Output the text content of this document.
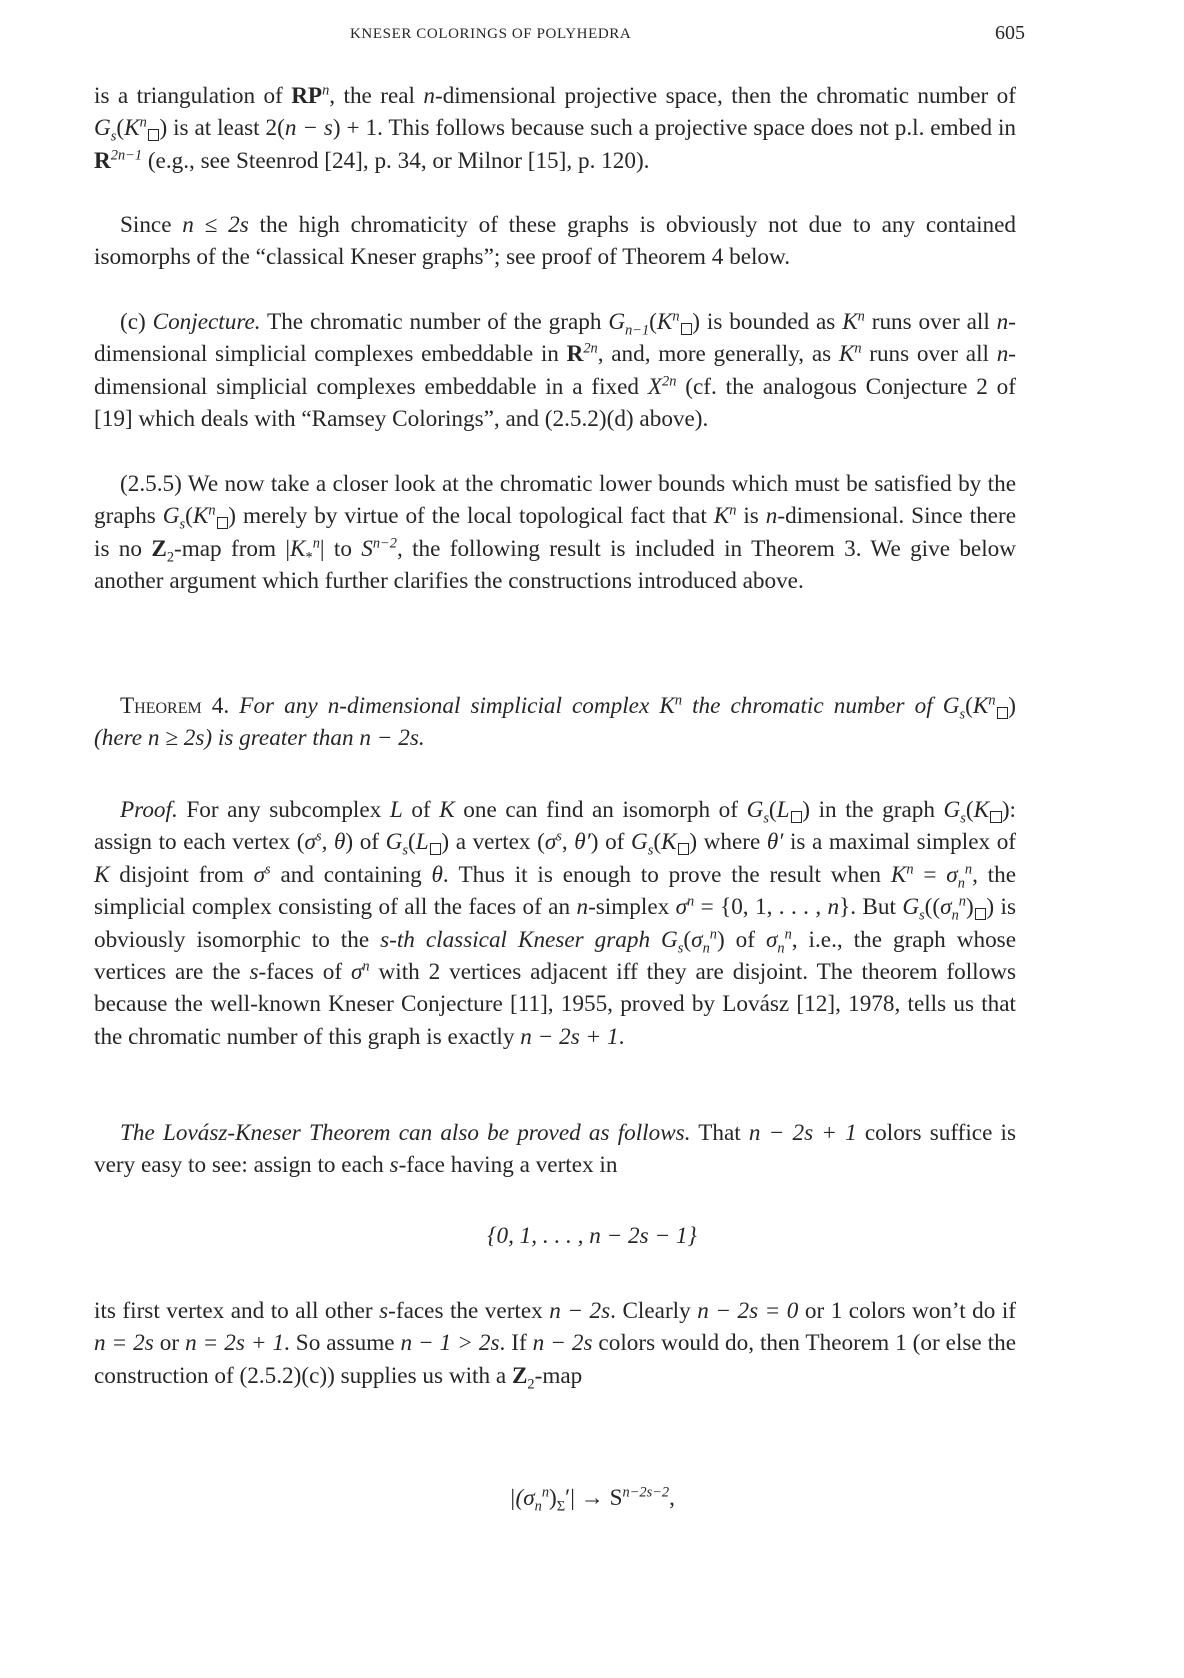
KNESER COLORINGS OF POLYHEDRA	605

is a triangulation of $RP^n$, the real n-dimensional projective space, then the chromatic number of $G_s(K^n$ ) is at least 2(n − s) + 1. This follows because such a projective space does not p.l. embed in $R^{2n-1}$ (e.g., see Steenrod [24], p. 34, or Milnor [15], p. 120).

Since n ≤ 2s the high chromaticity of these graphs is obviously not due to any contained isomorphs of the “classical Kneser graphs”; see proof of Theorem 4 below.

(c) Conjecture. The chromatic number of the graph $G_{n-1}(K^n$ ) is bounded as $K^n$ runs over all n-dimensional simplicial complexes embeddable in $R^{2n}$, and, more generally, as $K^n$ runs over all n-dimensional simplicial complexes embeddable in a fixed $X^{2n}$ (cf. the analogous Conjecture 2 of [19] which deals with “Ramsey Colorings”, and (2.5.2)(d) above).

(2.5.5) We now take a closer look at the chromatic lower bounds which must be satisfied by the graphs $G_s(K^n$ ) merely by virtue of the local topological fact that $K^n$ is n-dimensional. Since there is no $Z_2$-map from $|K_*^n|$ to $S^{n-2}$, the following result is included in Theorem 3. We give below another argument which further clarifies the constructions introduced above.

Theorem 4. For any n-dimensional simplicial complex $K^n$ the chromatic number of $G_s(K^n$ ) (here n ≥ 2s) is greater than n − 2s.

Proof. For any subcomplex L of K one can find an isomorph of $G_s(L$ ) in the graph $G_s(K$ ): assign to each vertex ($\sigma^s$, θ) of $G_s(L$ ) a vertex ($\sigma^s$, θ′) of $G_s(K$ ) where θ′ is a maximal simplex of K disjoint from $\sigma^s$ and containing θ. Thus it is enough to prove the result when $K^n = \sigma_n^n$, the simplicial complex consisting of all the faces of an n-simplex $\sigma^n = \{0$, 1, . . . , n}. But $G_s((\sigma_n^n)$ ) is obviously isomorphic to the s-th classical Kneser graph $G_s(\sigma_n^n)$ of $\sigma_n^n$, i.e., the graph whose vertices are the s-faces of $\sigma^n$ with 2 vertices adjacent iff they are disjoint. The theorem follows because the well-known Kneser Conjecture [11], 1955, proved by Lovász [12], 1978, tells us that the chromatic number of this graph is exactly n − 2s + 1.

The Lovász-Kneser Theorem can also be proved as follows. That n − 2s + 1 colors suffice is very easy to see: assign to each s-face having a vertex in

{0, 1, . . . , n − 2s − 1}

its first vertex and to all other s-faces the vertex n − 2s. Clearly n − 2s = 0 or 1 colors won’t do if n = 2s or n = 2s + 1. So assume n − 1 > 2s. If n − 2s colors would do, then Theorem 1 (or else the construction of (2.5.2)(c)) supplies us with a $Z_2$-map

$|(\sigma_n^n)_\Sigma'| \to S^{n-2s-2}$,
